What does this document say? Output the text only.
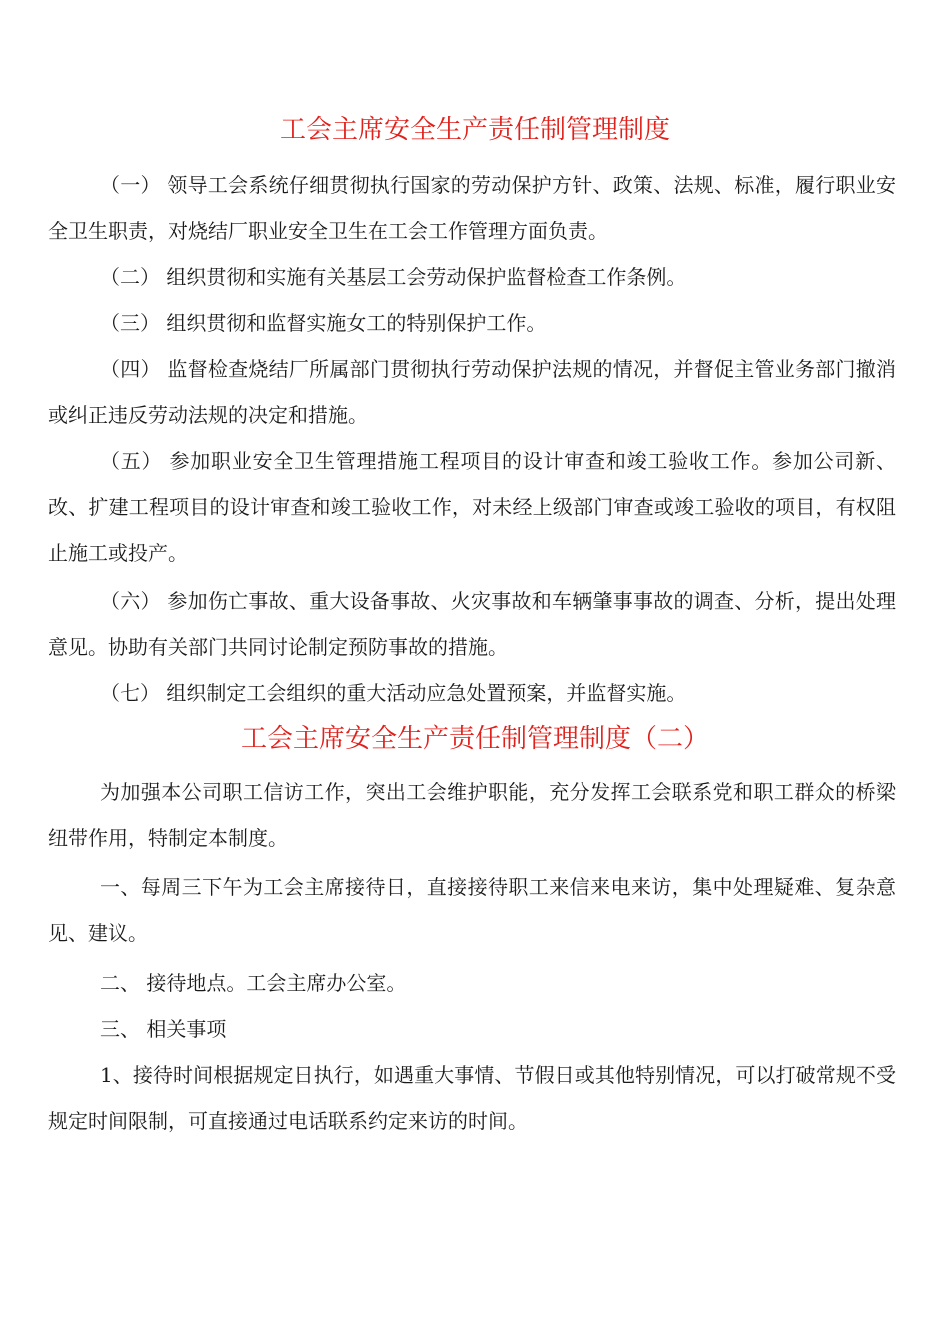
工会主席安全生产责任制管理制度

（一） 领导工会系统仔细贯彻执行国家的劳动保护方针、政策、法规、标准，履行职业安全卫生职责，对烧结厂职业安全卫生在工会工作管理方面负责。

（二） 组织贯彻和实施有关基层工会劳动保护监督检查工作条例。

（三） 组织贯彻和监督实施女工的特别保护工作。

（四） 监督检查烧结厂所属部门贯彻执行劳动保护法规的情况，并督促主管业务部门撤消或纠正违反劳动法规的决定和措施。

（五） 参加职业安全卫生管理措施工程项目的设计审查和竣工验收工作。参加公司新、改、扩建工程项目的设计审查和竣工验收工作，对未经上级部门审查或竣工验收的项目，有权阻止施工或投产。

（六） 参加伤亡事故、重大设备事故、火灾事故和车辆肇事事故的调查、分析，提出处理意见。协助有关部门共同讨论制定预防事故的措施。

（七） 组织制定工会组织的重大活动应急处置预案，并监督实施。

工会主席安全生产责任制管理制度（二）

为加强本公司职工信访工作，突出工会维护职能，充分发挥工会联系党和职工群众的桥梁纽带作用，特制定本制度。

一、每周三下午为工会主席接待日，直接接待职工来信来电来访，集中处理疑难、复杂意见、建议。

二、 接待地点。工会主席办公室。

三、 相关事项

1、接待时间根据规定日执行，如遇重大事情、节假日或其他特别情况，可以打破常规不受规定时间限制，可直接通过电话联系约定来访的时间。
